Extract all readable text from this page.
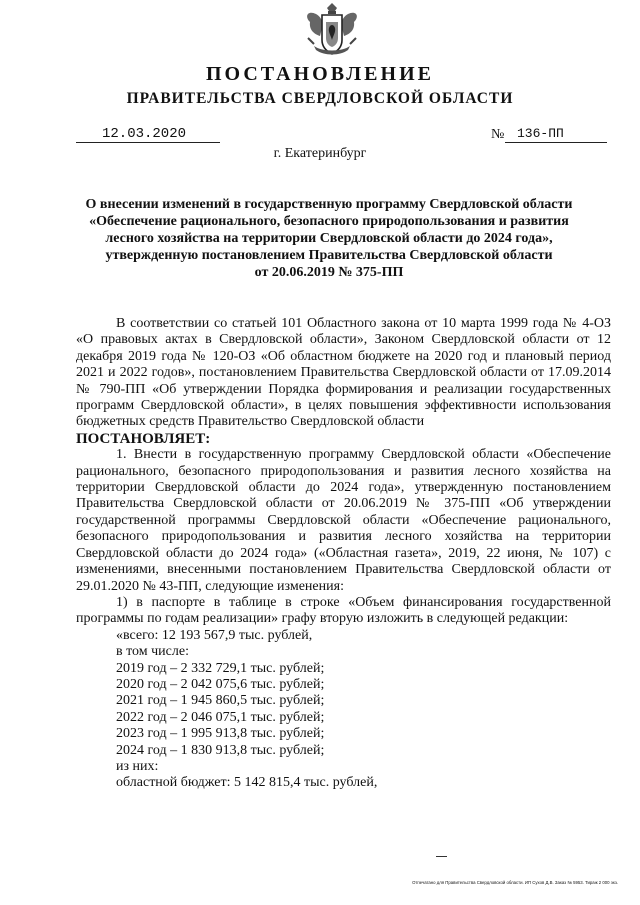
ПОСТАНОВЛЕНИЕ
ПРАВИТЕЛЬСТВА СВЕРДЛОВСКОЙ ОБЛАСТИ
12.03.2020	№ 136-ПП
г. Екатеринбург
О внесении изменений в государственную программу Свердловской области
«Обеспечение рационального, безопасного природопользования и развития
лесного хозяйства на территории Свердловской области до 2024 года»,
утвержденную постановлением Правительства Свердловской области
от 20.06.2019 № 375-ПП
В соответствии со статьей 101 Областного закона от 10 марта 1999 года № 4-ОЗ «О правовых актах в Свердловской области», Законом Свердловской области от 12 декабря 2019 года № 120-ОЗ «Об областном бюджете на 2020 год и плановый период 2021 и 2022 годов», постановлением Правительства Свердловской области от 17.09.2014 № 790-ПП «Об утверждении Порядка формирования и реализации государственных программ Свердловской области», в целях повышения эффективности использования бюджетных средств Правительство Свердловской области
ПОСТАНОВЛЯЕТ:
1. Внести в государственную программу Свердловской области «Обеспечение рационального, безопасного природопользования и развития лесного хозяйства на территории Свердловской области до 2024 года», утвержденную постановлением Правительства Свердловской области от 20.06.2019 № 375-ПП «Об утверждении государственной программы Свердловской области «Обеспечение рационального, безопасного природопользования и развития лесного хозяйства на территории Свердловской области до 2024 года» («Областная газета», 2019, 22 июня, № 107) с изменениями, внесенными постановлением Правительства Свердловской области от 29.01.2020 № 43-ПП, следующие изменения:
1) в паспорте в таблице в строке «Объем финансирования государственной программы по годам реализации» графу вторую изложить в следующей редакции:
«всего: 12 193 567,9 тыс. рублей,
в том числе:
2019 год – 2 332 729,1 тыс. рублей;
2020 год – 2 042 075,6 тыс. рублей;
2021 год – 1 945 860,5 тыс. рублей;
2022 год – 2 046 075,1 тыс. рублей;
2023 год – 1 995 913,8 тыс. рублей;
2024 год – 1 830 913,8 тыс. рублей;
из них:
областной бюджет: 5 142 815,4 тыс. рублей,
Отпечатано для Правительства Свердловской области. ИП Сухов Д.В. Заказ № 5953. Тираж 2 000 экз.
